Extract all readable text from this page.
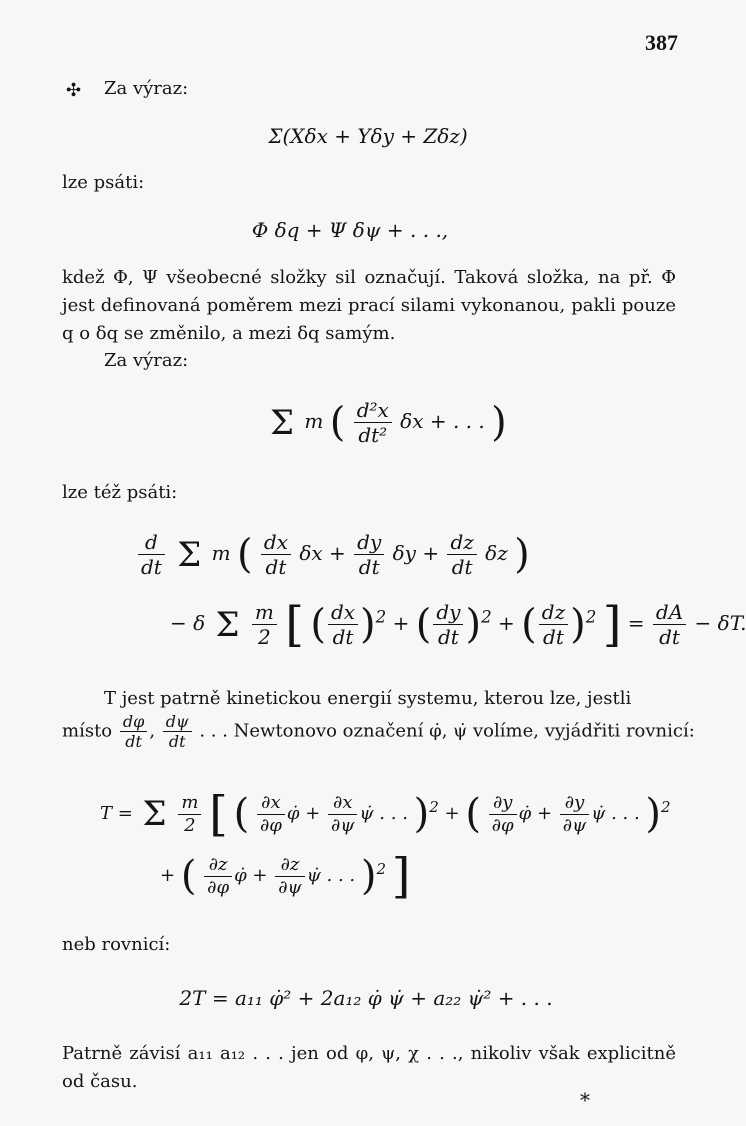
387
✣ Za výraz:
Σ(Xδx + Yδy + Zδz)
lze psáti:
Φ δq + Ψ δψ + . . .,
kdež Φ, Ψ všeobecné složky sil označují. Taková složka, na př. Φ jest definovaná poměrem mezi prací silami vykonanou, pakli pouze q o δq se změnilo, a mezi δq samým.
Za výraz:
Σ m ( $\frac{\text{d²x}}{\text{dt²}}$ δx + . . . )
lze též psáti:
$\frac{d}{dt}$ Σ m ( $\frac{dx}{dt}$ $\delta x + \frac{dy}{dt}$ $\delta y + \frac{dz}{dt}$ δz )
− δ Σ $\frac{m}{2}$ [ ( $\frac{dx}{dt} )^2$ + ( $\frac{dy}{dt} )^2$ + ( $\frac{dz}{dt} )^2$ ] = $\frac{dA}{dt} - \delta T$.
T jest patrně kinetickou energií systemu, kterou lze, jestli
místo $\frac{d\varphi}{dt}$ , $\frac{d\psi}{dt}$ . . . Newtonovo označení φ̇, ψ̇ volíme, vyjádřiti rovnicí:
T = Σ $\frac{m}{2}$ [ ( $\frac{\partial x}{\partial\varphi}$ φ̇ + $\frac{\partial x}{\partial\psi}$ ψ̇ . . . )$^2$ + ( $\frac{\partial y}{\partial\varphi}$ φ̇ + $\frac{\partial y}{\partial\psi}$ ψ̇ . . . )$^2$
+ ( $\frac{\partial z}{\partial\varphi}$ φ̇ + $\frac{\partial z}{\partial\psi}$ ψ̇ . . . )$^2$ ]
neb rovnicí:
2T = a₁₁ φ̇² + 2a₁₂ φ̇ ψ̇ + a₂₂ ψ̇² + . . .
Patrně závisí a₁₁ a₁₂ . . . jen od φ, ψ, χ . . ., nikoliv však explicitně od času.
*
